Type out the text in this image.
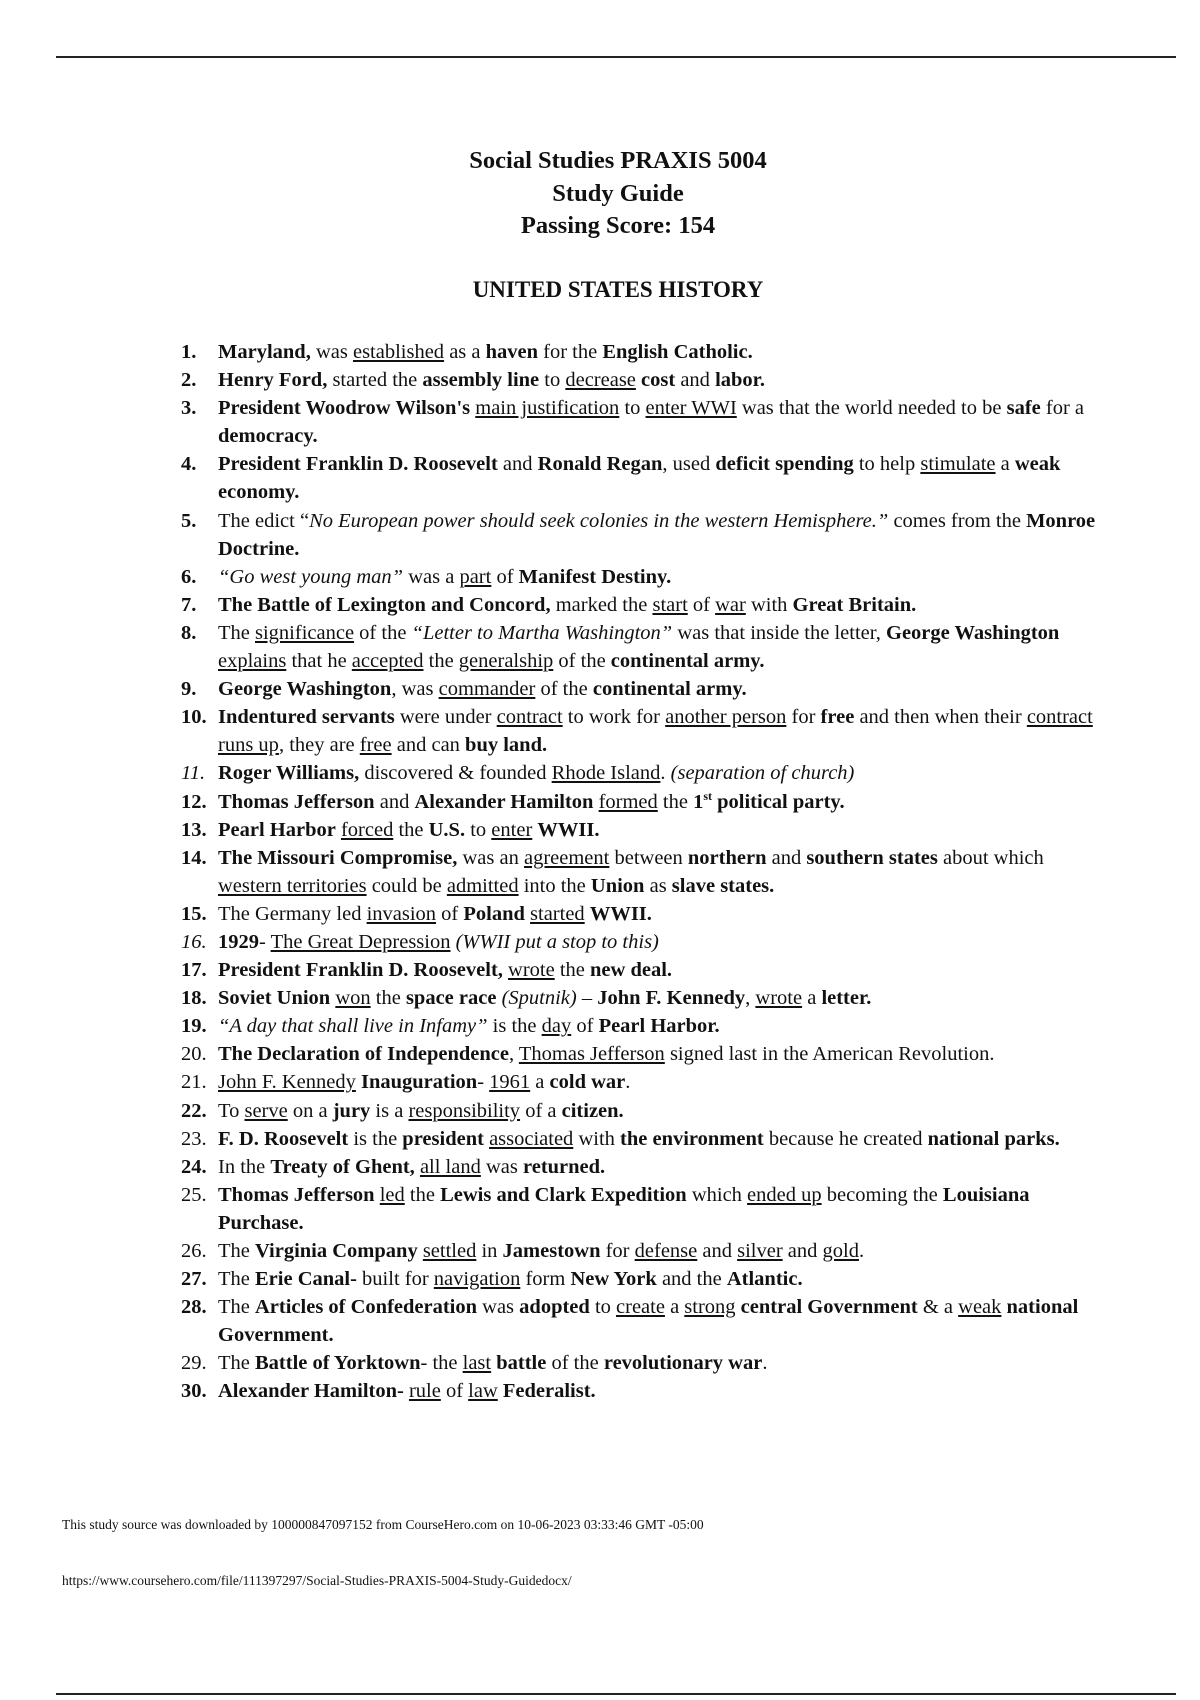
Social Studies PRAXIS 5004
Study Guide
Passing Score: 154
UNITED STATES HISTORY
1. Maryland, was established as a haven for the English Catholic.
2. Henry Ford, started the assembly line to decrease cost and labor.
3. President Woodrow Wilson's main justification to enter WWI was that the world needed to be safe for a democracy.
4. President Franklin D. Roosevelt and Ronald Regan, used deficit spending to help stimulate a weak economy.
5. The edict “No European power should seek colonies in the western Hemisphere.” comes from the Monroe Doctrine.
6. “Go west young man” was a part of Manifest Destiny.
7. The Battle of Lexington and Concord, marked the start of war with Great Britain.
8. The significance of the “Letter to Martha Washington” was that inside the letter, George Washington explains that he accepted the generalship of the continental army.
9. George Washington, was commander of the continental army.
10. Indentured servants were under contract to work for another person for free and then when their contract runs up, they are free and can buy land.
11. Roger Williams, discovered & founded Rhode Island. (separation of church)
12. Thomas Jefferson and Alexander Hamilton formed the 1st political party.
13. Pearl Harbor forced the U.S. to enter WWII.
14. The Missouri Compromise, was an agreement between northern and southern states about which western territories could be admitted into the Union as slave states.
15. The Germany led invasion of Poland started WWII.
16. 1929- The Great Depression (WWII put a stop to this)
17. President Franklin D. Roosevelt, wrote the new deal.
18. Soviet Union won the space race (Sputnik) – John F. Kennedy, wrote a letter.
19. “A day that shall live in Infamy” is the day of Pearl Harbor.
20. The Declaration of Independence, Thomas Jefferson signed last in the American Revolution.
21. John F. Kennedy Inauguration- 1961 a cold war.
22. To serve on a jury is a responsibility of a citizen.
23. F. D. Roosevelt is the president associated with the environment because he created national parks.
24. In the Treaty of Ghent, all land was returned.
25. Thomas Jefferson led the Lewis and Clark Expedition which ended up becoming the Louisiana Purchase.
26. The Virginia Company settled in Jamestown for defense and silver and gold.
27. The Erie Canal- built for navigation form New York and the Atlantic.
28. The Articles of Confederation was adopted to create a strong central Government & a weak national Government.
29. The Battle of Yorktown- the last battle of the revolutionary war.
30. Alexander Hamilton- rule of law Federalist.
This study source was downloaded by 100000847097152 from CourseHero.com on 10-06-2023 03:33:46 GMT -05:00
https://www.coursehero.com/file/111397297/Social-Studies-PRAXIS-5004-Study-Guidedocx/
